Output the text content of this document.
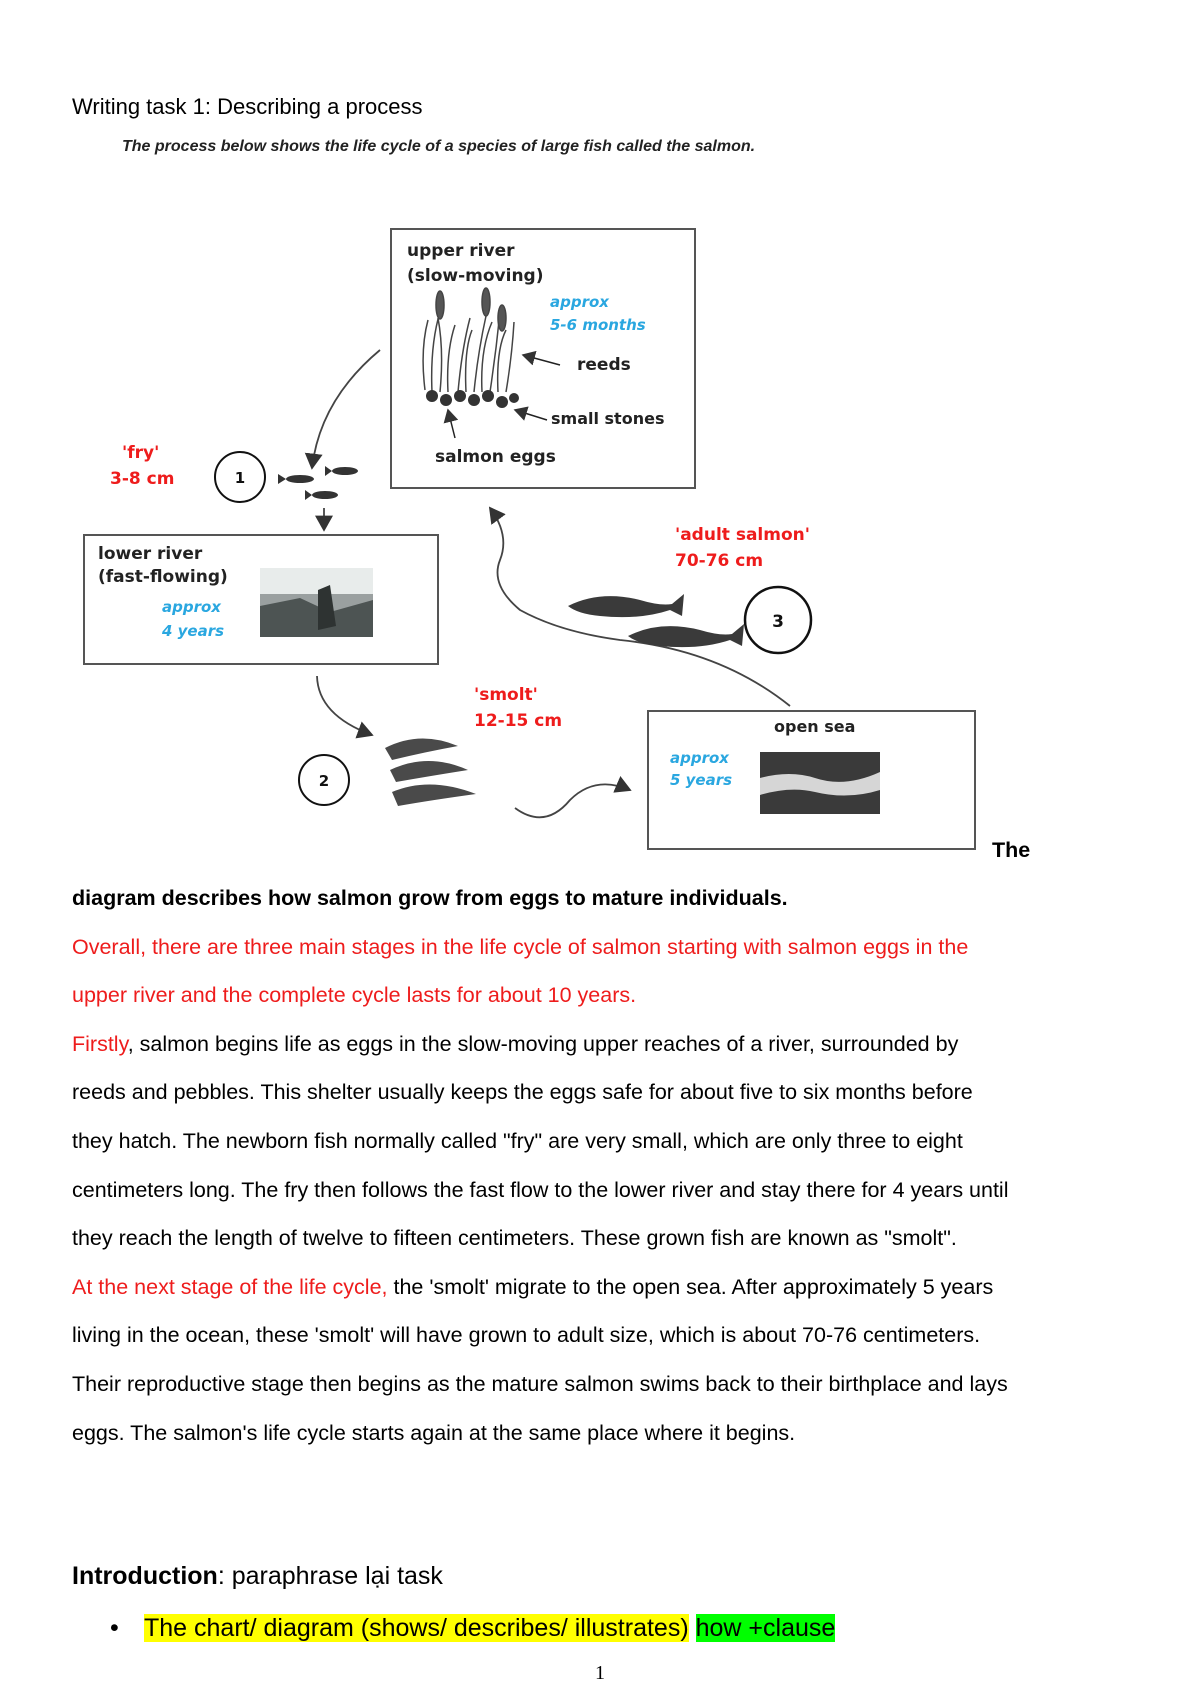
Writing task 1: Describing a process
The process below shows the life cycle of a species of large fish called the salmon.
upper river
(slow-moving)
approx
5-6 months
reeds
small stones
salmon eggs
'fry'
3-8 cm	1
lower river
(fast-flowing)
approx
4 years
'smolt'
12-15 cm
2
open sea
approx
5 years
'adult salmon'
70-76 cm
3
The
diagram describes how salmon grow from eggs to mature individuals.
Overall, there are three main stages in the life cycle of salmon starting with salmon eggs in the
upper river and the complete cycle lasts for about 10 years.
Firstly, salmon begins life as eggs in the slow-moving upper reaches of a river, surrounded by
reeds and pebbles. This shelter usually keeps the eggs safe for about five to six months before
they hatch. The newborn fish normally called "fry" are very small, which are only three to eight
centimeters long. The fry then follows the fast flow to the lower river and stay there for 4 years until
they reach the length of twelve to fifteen centimeters. These grown fish are known as "smolt".
At the next stage of the life cycle, the 'smolt' migrate to the open sea. After approximately 5 years
living in the ocean, these 'smolt' will have grown to adult size, which is about 70-76 centimeters.
Their reproductive stage then begins as the mature salmon swims back to their birthplace and lays
eggs. The salmon's life cycle starts again at the same place where it begins.
Introduction: paraphrase lại task
• The chart/ diagram (shows/ describes/ illustrates) how +clause
1
